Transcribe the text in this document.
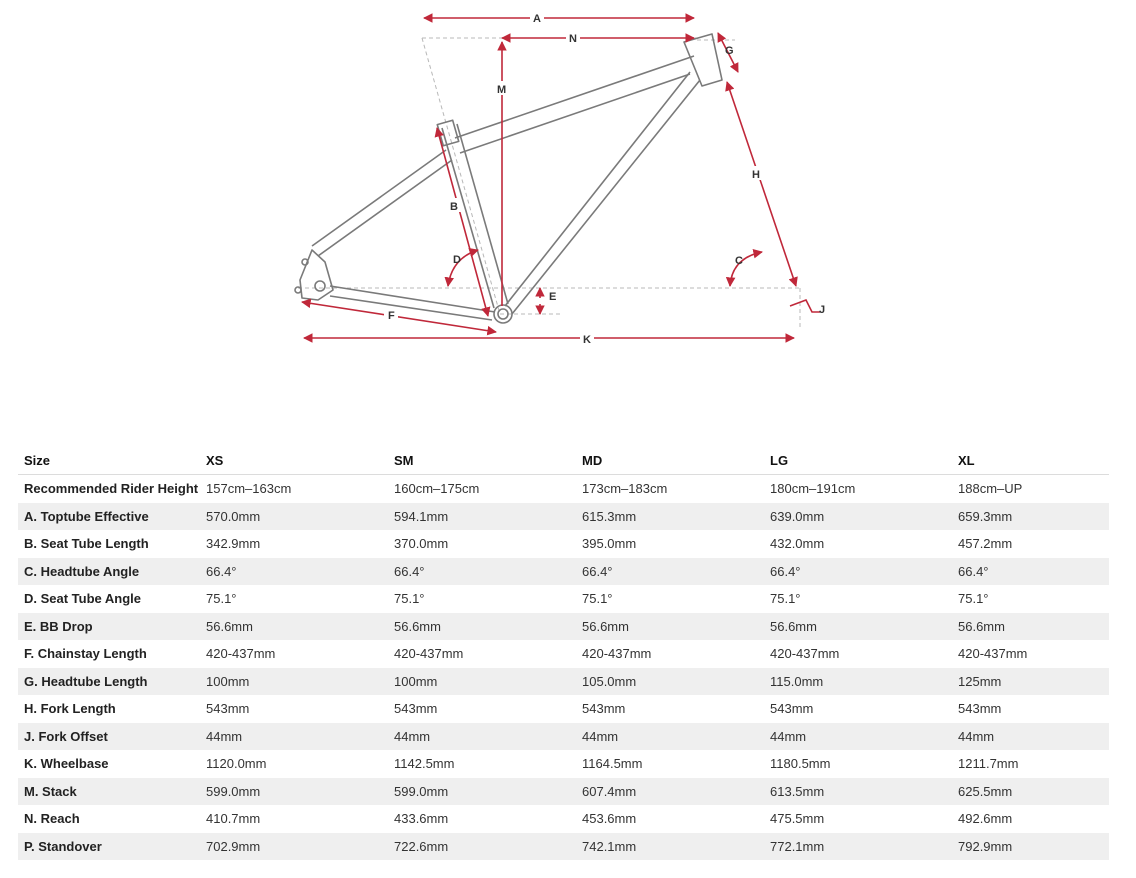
A
N
M
G
H
B
D	C
E
F	J
K
Size	XS	SM	MD	LG	XL
Recommended Rider Height	157cm–163cm	160cm–175cm	173cm–183cm	180cm–191cm	188cm–UP
A. Toptube Effective	570.0mm	594.1mm	615.3mm	639.0mm	659.3mm
B. Seat Tube Length	342.9mm	370.0mm	395.0mm	432.0mm	457.2mm
C. Headtube Angle	66.4°	66.4°	66.4°	66.4°	66.4°
D. Seat Tube Angle	75.1°	75.1°	75.1°	75.1°	75.1°
E. BB Drop	56.6mm	56.6mm	56.6mm	56.6mm	56.6mm
F. Chainstay Length	420-437mm	420-437mm	420-437mm	420-437mm	420-437mm
G. Headtube Length	100mm	100mm	105.0mm	115.0mm	125mm
H. Fork Length	543mm	543mm	543mm	543mm	543mm
J. Fork Offset	44mm	44mm	44mm	44mm	44mm
K. Wheelbase	1120.0mm	1142.5mm	1164.5mm	1180.5mm	1211.7mm
M. Stack	599.0mm	599.0mm	607.4mm	613.5mm	625.5mm
N. Reach	410.7mm	433.6mm	453.6mm	475.5mm	492.6mm
P. Standover	702.9mm	722.6mm	742.1mm	772.1mm	792.9mm
